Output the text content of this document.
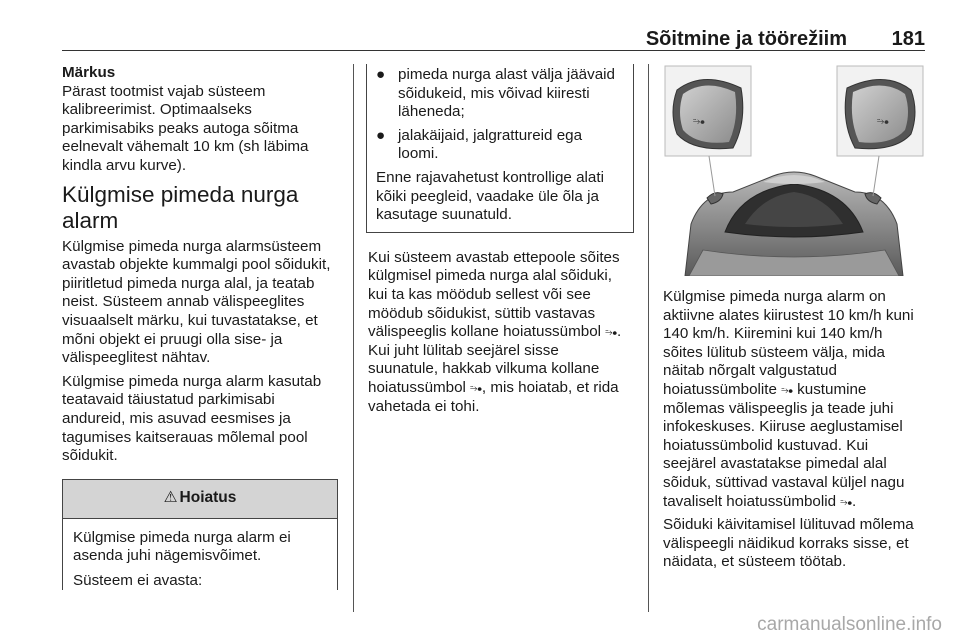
Sõitmine ja töörežiim 181

Märkus

Pärast tootmist vajab süsteem kalibreerimist. Optimaalseks parkimisabiks peaks autoga sõitma eelnevalt vähemalt 10 km (sh läbima kindla arvu kurve).

Külgmise pimeda nurga alarm

Külgmise pimeda nurga alarmsüsteem avastab objekte kummalgi pool sõidukit, piiritletud pimeda nurga alal, ja teatab neist. Süsteem annab välispeeglites visuaalselt märku, kui tuvastatakse, et mõni objekt ei pruugi olla sise- ja välispeeglitest nähtav.

Külgmise pimeda nurga alarm kasutab teatavaid täiustatud parkimisabi andureid, mis asuvad eesmises ja tagumises kaitserauas mõlemal pool sõidukit.

⚠ Hoiatus

Külgmise pimeda nurga alarm ei asenda juhi nägemisvõimet.

Süsteem ei avasta:

● pimeda nurga alast välja jäävaid sõidukeid, mis võivad kiiresti läheneda;
● jalakäijaid, jalgrattureid ega loomi.

Enne rajavahetust kontrollige alati kõiki peegleid, vaadake üle õla ja kasutage suunatuld.

Kui süsteem avastab ettepoole sõites külgmisel pimeda nurga alal sõiduki, kui ta kas möödub sellest või see möödub sõidukist, süttib vastavas välispeeglis kollane hoiatussümbol ⥲⦁. Kui juht lülitab seejärel sisse suunatule, hakkab vilkuma kollane hoiatussümbol ⥲⦁, mis hoiatab, et rida vahetada ei tohi.

⥲⦁	⥲⦁

Külgmise pimeda nurga alarm on aktiivne alates kiirustest 10 km/h kuni 140 km/h. Kiiremini kui 140 km/h sõites lülitub süsteem välja, mida näitab nõrgalt valgustatud hoiatussümbolite ⥲⦁ kustumine mõlemas välispeeglis ja teade juhi infokeskuses. Kiiruse aeglustamisel hoiatussümbolid kustuvad. Kui seejärel avastatakse pimedal alal sõiduk, süttivad vastaval küljel nagu tavaliselt hoiatussümbolid ⥲⦁.

Sõiduki käivitamisel lülituvad mõlema välispeegli näidikud korraks sisse, et näidata, et süsteem töötab.

carmanualsonline.info
